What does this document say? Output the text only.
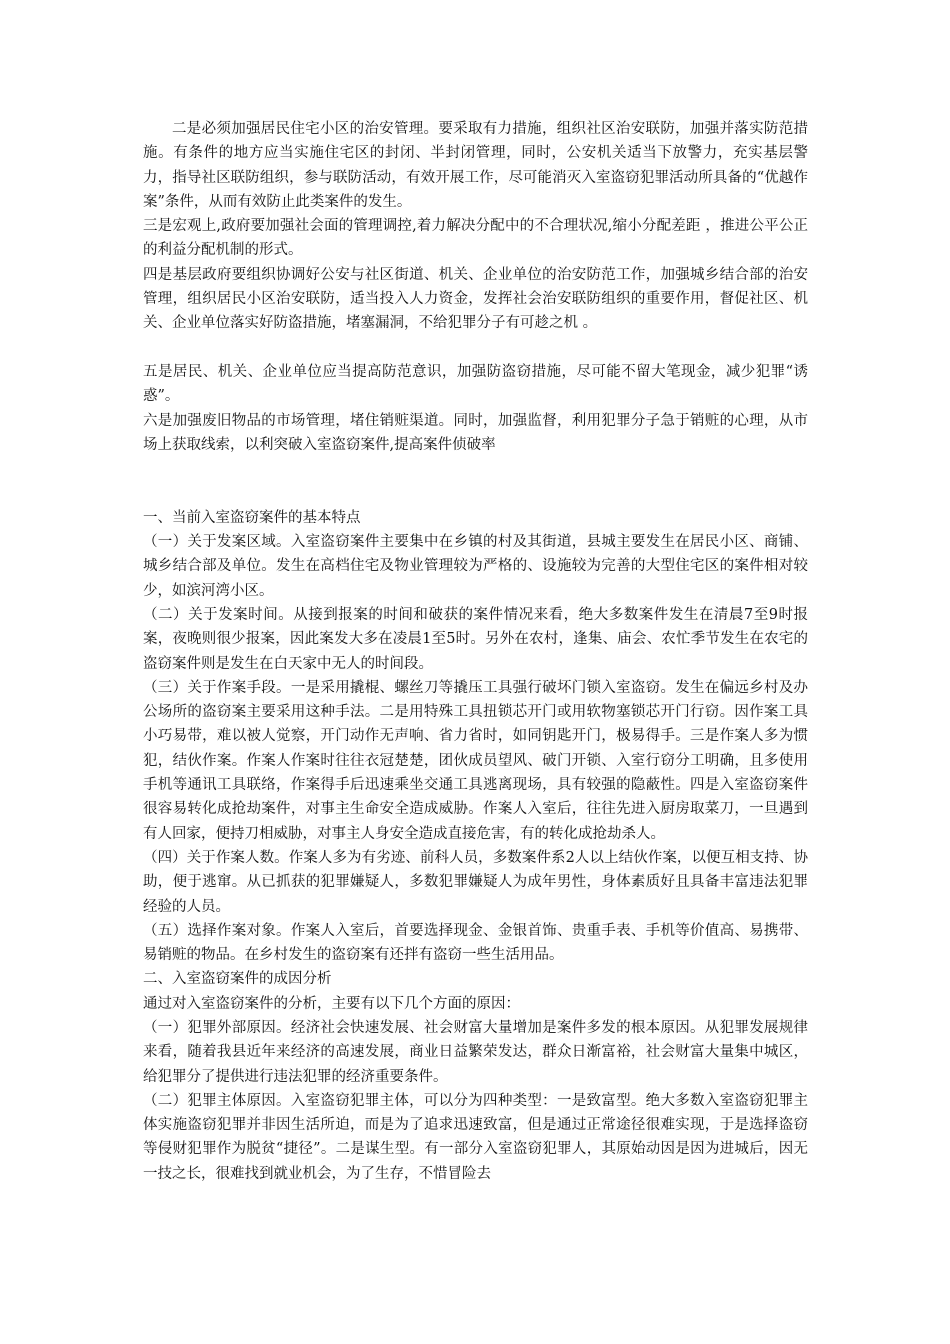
二是必须加强居民住宅小区的治安管理。要采取有力措施，组织社区治安联防，加强并落实防范措施。有条件的地方应当实施住宅区的封闭、半封闭管理，同时，公安机关适当下放警力，充实基层警力，指导社区联防组织，参与联防活动，有效开展工作，尽可能消灭入室盗窃犯罪活动所具备的“优越作案”条件，从而有效防止此类案件的发生。

三是宏观上,政府要加强社会面的管理调控,着力解决分配中的不合理状况,缩小分配差距 ，推进公平公正的利益分配机制的形式。

四是基层政府要组织协调好公安与社区街道、机关、企业单位的治安防范工作，加强城乡结合部的治安管理，组织居民小区治安联防，适当投入人力资金，发挥社会治安联防组织的重要作用，督促社区、机关、企业单位落实好防盗措施，堵塞漏洞，不给犯罪分子有可趁之机 。

五是居民、机关、企业单位应当提高防范意识，加强防盗窃措施，尽可能不留大笔现金，减少犯罪“诱惑”。

六是加强废旧物品的市场管理，堵住销赃渠道。同时，加强监督，利用犯罪分子急于销赃的心理，从市场上获取线索，以利突破入室盗窃案件,提高案件侦破率

一、当前入室盗窃案件的基本特点

（一）关于发案区域。入室盗窃案件主要集中在乡镇的村及其街道，县城主要发生在居民小区、商铺、城乡结合部及单位。发生在高档住宅及物业管理较为严格的、设施较为完善的大型住宅区的案件相对较少，如滨河湾小区。

（二）关于发案时间。从接到报案的时间和破获的案件情况来看，绝大多数案件发生在清晨7至9时报案，夜晚则很少报案，因此案发大多在凌晨1至5时。另外在农村，逢集、庙会、农忙季节发生在农宅的盗窃案件则是发生在白天家中无人的时间段。

（三）关于作案手段。一是采用撬棍、螺丝刀等撬压工具强行破坏门锁入室盗窃。发生在偏远乡村及办公场所的盗窃案主要采用这种手法。二是用特殊工具扭锁芯开门或用软物塞锁芯开门行窃。因作案工具小巧易带，难以被人觉察，开门动作无声响、省力省时，如同钥匙开门，极易得手。三是作案人多为惯犯，结伙作案。作案人作案时往往衣冠楚楚，团伙成员望风、破门开锁、入室行窃分工明确，且多使用手机等通讯工具联络，作案得手后迅速乘坐交通工具逃离现场，具有较强的隐蔽性。四是入室盗窃案件很容易转化成抢劫案件，对事主生命安全造成威胁。作案人入室后，往往先进入厨房取菜刀，一旦遇到有人回家，便持刀相威胁，对事主人身安全造成直接危害，有的转化成抢劫杀人。

（四）关于作案人数。作案人多为有劣迹、前科人员，多数案件系2人以上结伙作案，以便互相支持、协助，便于逃窜。从已抓获的犯罪嫌疑人，多数犯罪嫌疑人为成年男性，身体素质好且具备丰富违法犯罪经验的人员。

（五）选择作案对象。作案人入室后，首要选择现金、金银首饰、贵重手表、手机等价值高、易携带、易销赃的物品。在乡村发生的盗窃案有还拌有盗窃一些生活用品。

二、入室盗窃案件的成因分析

通过对入室盗窃案件的分析，主要有以下几个方面的原因：

（一）犯罪外部原因。经济社会快速发展、社会财富大量增加是案件多发的根本原因。从犯罪发展规律来看，随着我县近年来经济的高速发展，商业日益繁荣发达，群众日渐富裕，社会财富大量集中城区，给犯罪分了提供进行违法犯罪的经济重要条件。

（二）犯罪主体原因。入室盗窃犯罪主体，可以分为四种类型：一是致富型。绝大多数入室盗窃犯罪主体实施盗窃犯罪并非因生活所迫，而是为了追求迅速致富，但是通过正常途径很难实现，于是选择盗窃等侵财犯罪作为脱贫“捷径”。二是谋生型。有一部分入室盗窃犯罪人，其原始动因是因为进城后，因无一技之长，很难找到就业机会，为了生存，不惜冒险去
